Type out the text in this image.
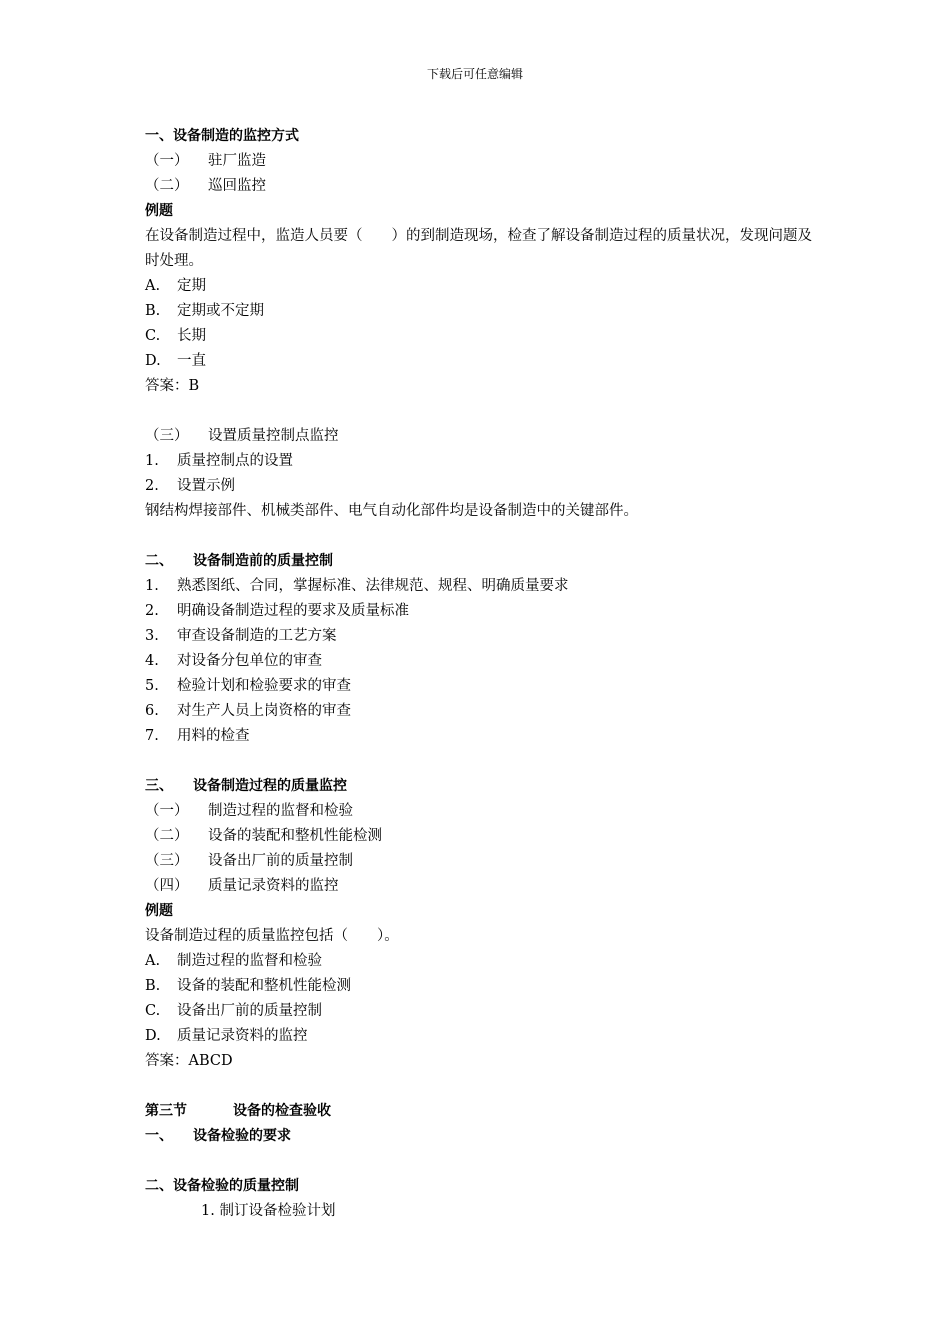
下载后可任意编辑
一、设备制造的监控方式
（一） 驻厂监造
（二） 巡回监控
例题
在设备制造过程中，监造人员要（　　）的到制造现场，检查了解设备制造过程的质量状况，发现问题及时处理。
A. 定期
B. 定期或不定期
C. 长期
D. 一直
答案：B
（三） 设置质量控制点监控
1. 质量控制点的设置
2. 设置示例
钢结构焊接部件、机械类部件、电气自动化部件均是设备制造中的关键部件。
二、 设备制造前的质量控制
1. 熟悉图纸、合同，掌握标准、法律规范、规程、明确质量要求
2. 明确设备制造过程的要求及质量标准
3. 审查设备制造的工艺方案
4. 对设备分包单位的审查
5. 检验计划和检验要求的审查
6. 对生产人员上岗资格的审查
7. 用料的检查
三、 设备制造过程的质量监控
（一） 制造过程的监督和检验
（二） 设备的装配和整机性能检测
（三） 设备出厂前的质量控制
（四） 质量记录资料的监控
例题
设备制造过程的质量监控包括（　　）。
A. 制造过程的监督和检验
B. 设备的装配和整机性能检测
C. 设备出厂前的质量控制
D. 质量记录资料的监控
答案：ABCD
第三节	设备的检查验收
一、 设备检验的要求
二、设备检验的质量控制
1. 制订设备检验计划
